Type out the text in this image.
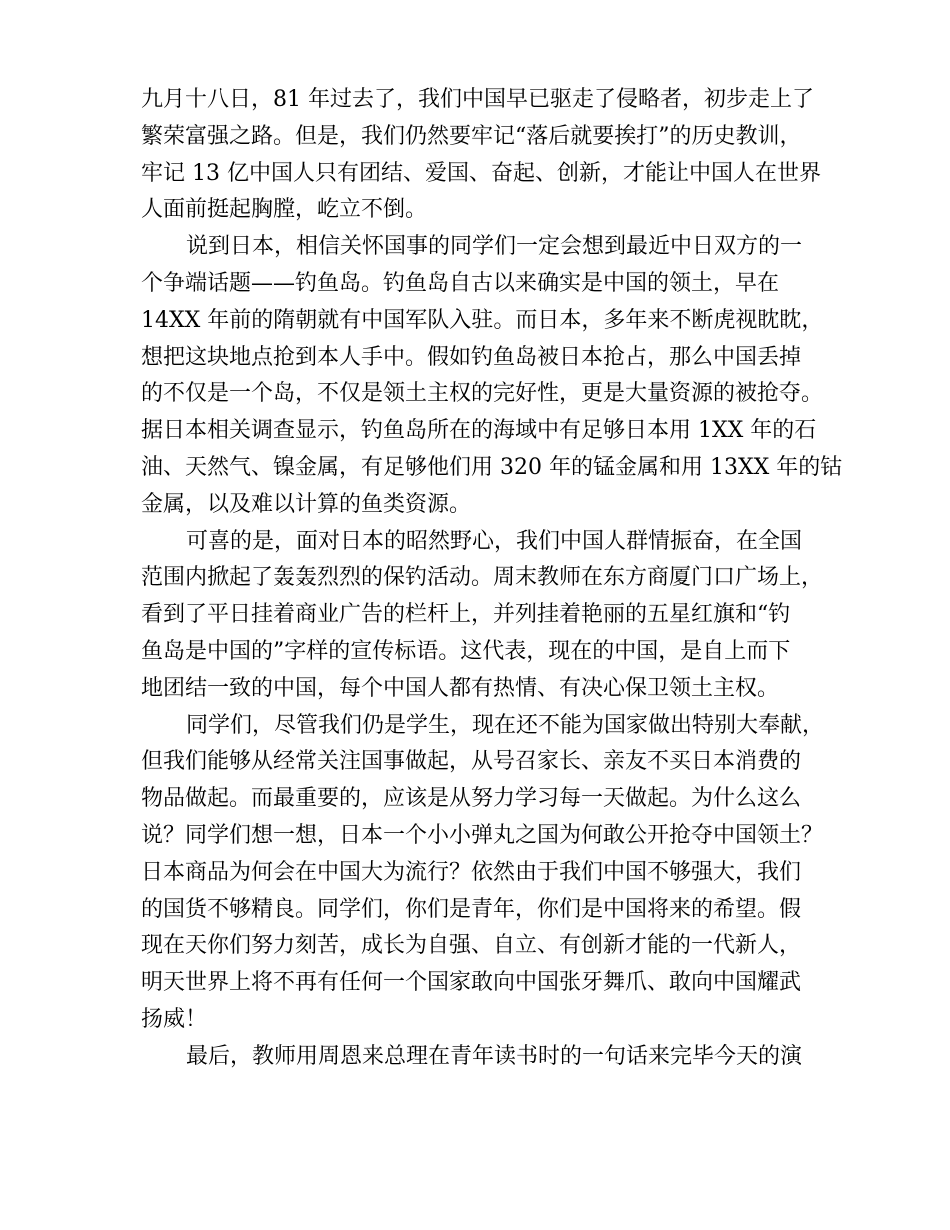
九月十八日，81 年过去了，我们中国早已驱走了侵略者，初步走上了
繁荣富强之路。但是，我们仍然要牢记“落后就要挨打”的历史教训，
牢记 13 亿中国人只有团结、爱国、奋起、创新，才能让中国人在世界
人面前挺起胸膛，屹立不倒。
说到日本，相信关怀国事的同学们一定会想到最近中日双方的一
个争端话题——钓鱼岛。钓鱼岛自古以来确实是中国的领土，早在
14XX 年前的隋朝就有中国军队入驻。而日本，多年来不断虎视眈眈，
想把这块地点抢到本人手中。假如钓鱼岛被日本抢占，那么中国丢掉
的不仅是一个岛，不仅是领土主权的完好性，更是大量资源的被抢夺。
据日本相关调查显示，钓鱼岛所在的海域中有足够日本用 1XX 年的石
油、天然气、镍金属，有足够他们用 320 年的锰金属和用 13XX 年的钴
金属，以及难以计算的鱼类资源。
可喜的是，面对日本的昭然野心，我们中国人群情振奋，在全国
范围内掀起了轰轰烈烈的保钓活动。周末教师在东方商厦门口广场上，
看到了平日挂着商业广告的栏杆上，并列挂着艳丽的五星红旗和“钓
鱼岛是中国的”字样的宣传标语。这代表，现在的中国，是自上而下
地团结一致的中国，每个中国人都有热情、有决心保卫领土主权。
同学们，尽管我们仍是学生，现在还不能为国家做出特别大奉献，
但我们能够从经常关注国事做起，从号召家长、亲友不买日本消费的
物品做起。而最重要的，应该是从努力学习每一天做起。为什么这么
说？同学们想一想，日本一个小小弹丸之国为何敢公开抢夺中国领土？
日本商品为何会在中国大为流行？依然由于我们中国不够强大，我们
的国货不够精良。同学们，你们是青年，你们是中国将来的希望。假
现在天你们努力刻苦，成长为自强、自立、有创新才能的一代新人，
明天世界上将不再有任何一个国家敢向中国张牙舞爪、敢向中国耀武
扬威！
最后，教师用周恩来总理在青年读书时的一句话来完毕今天的演
